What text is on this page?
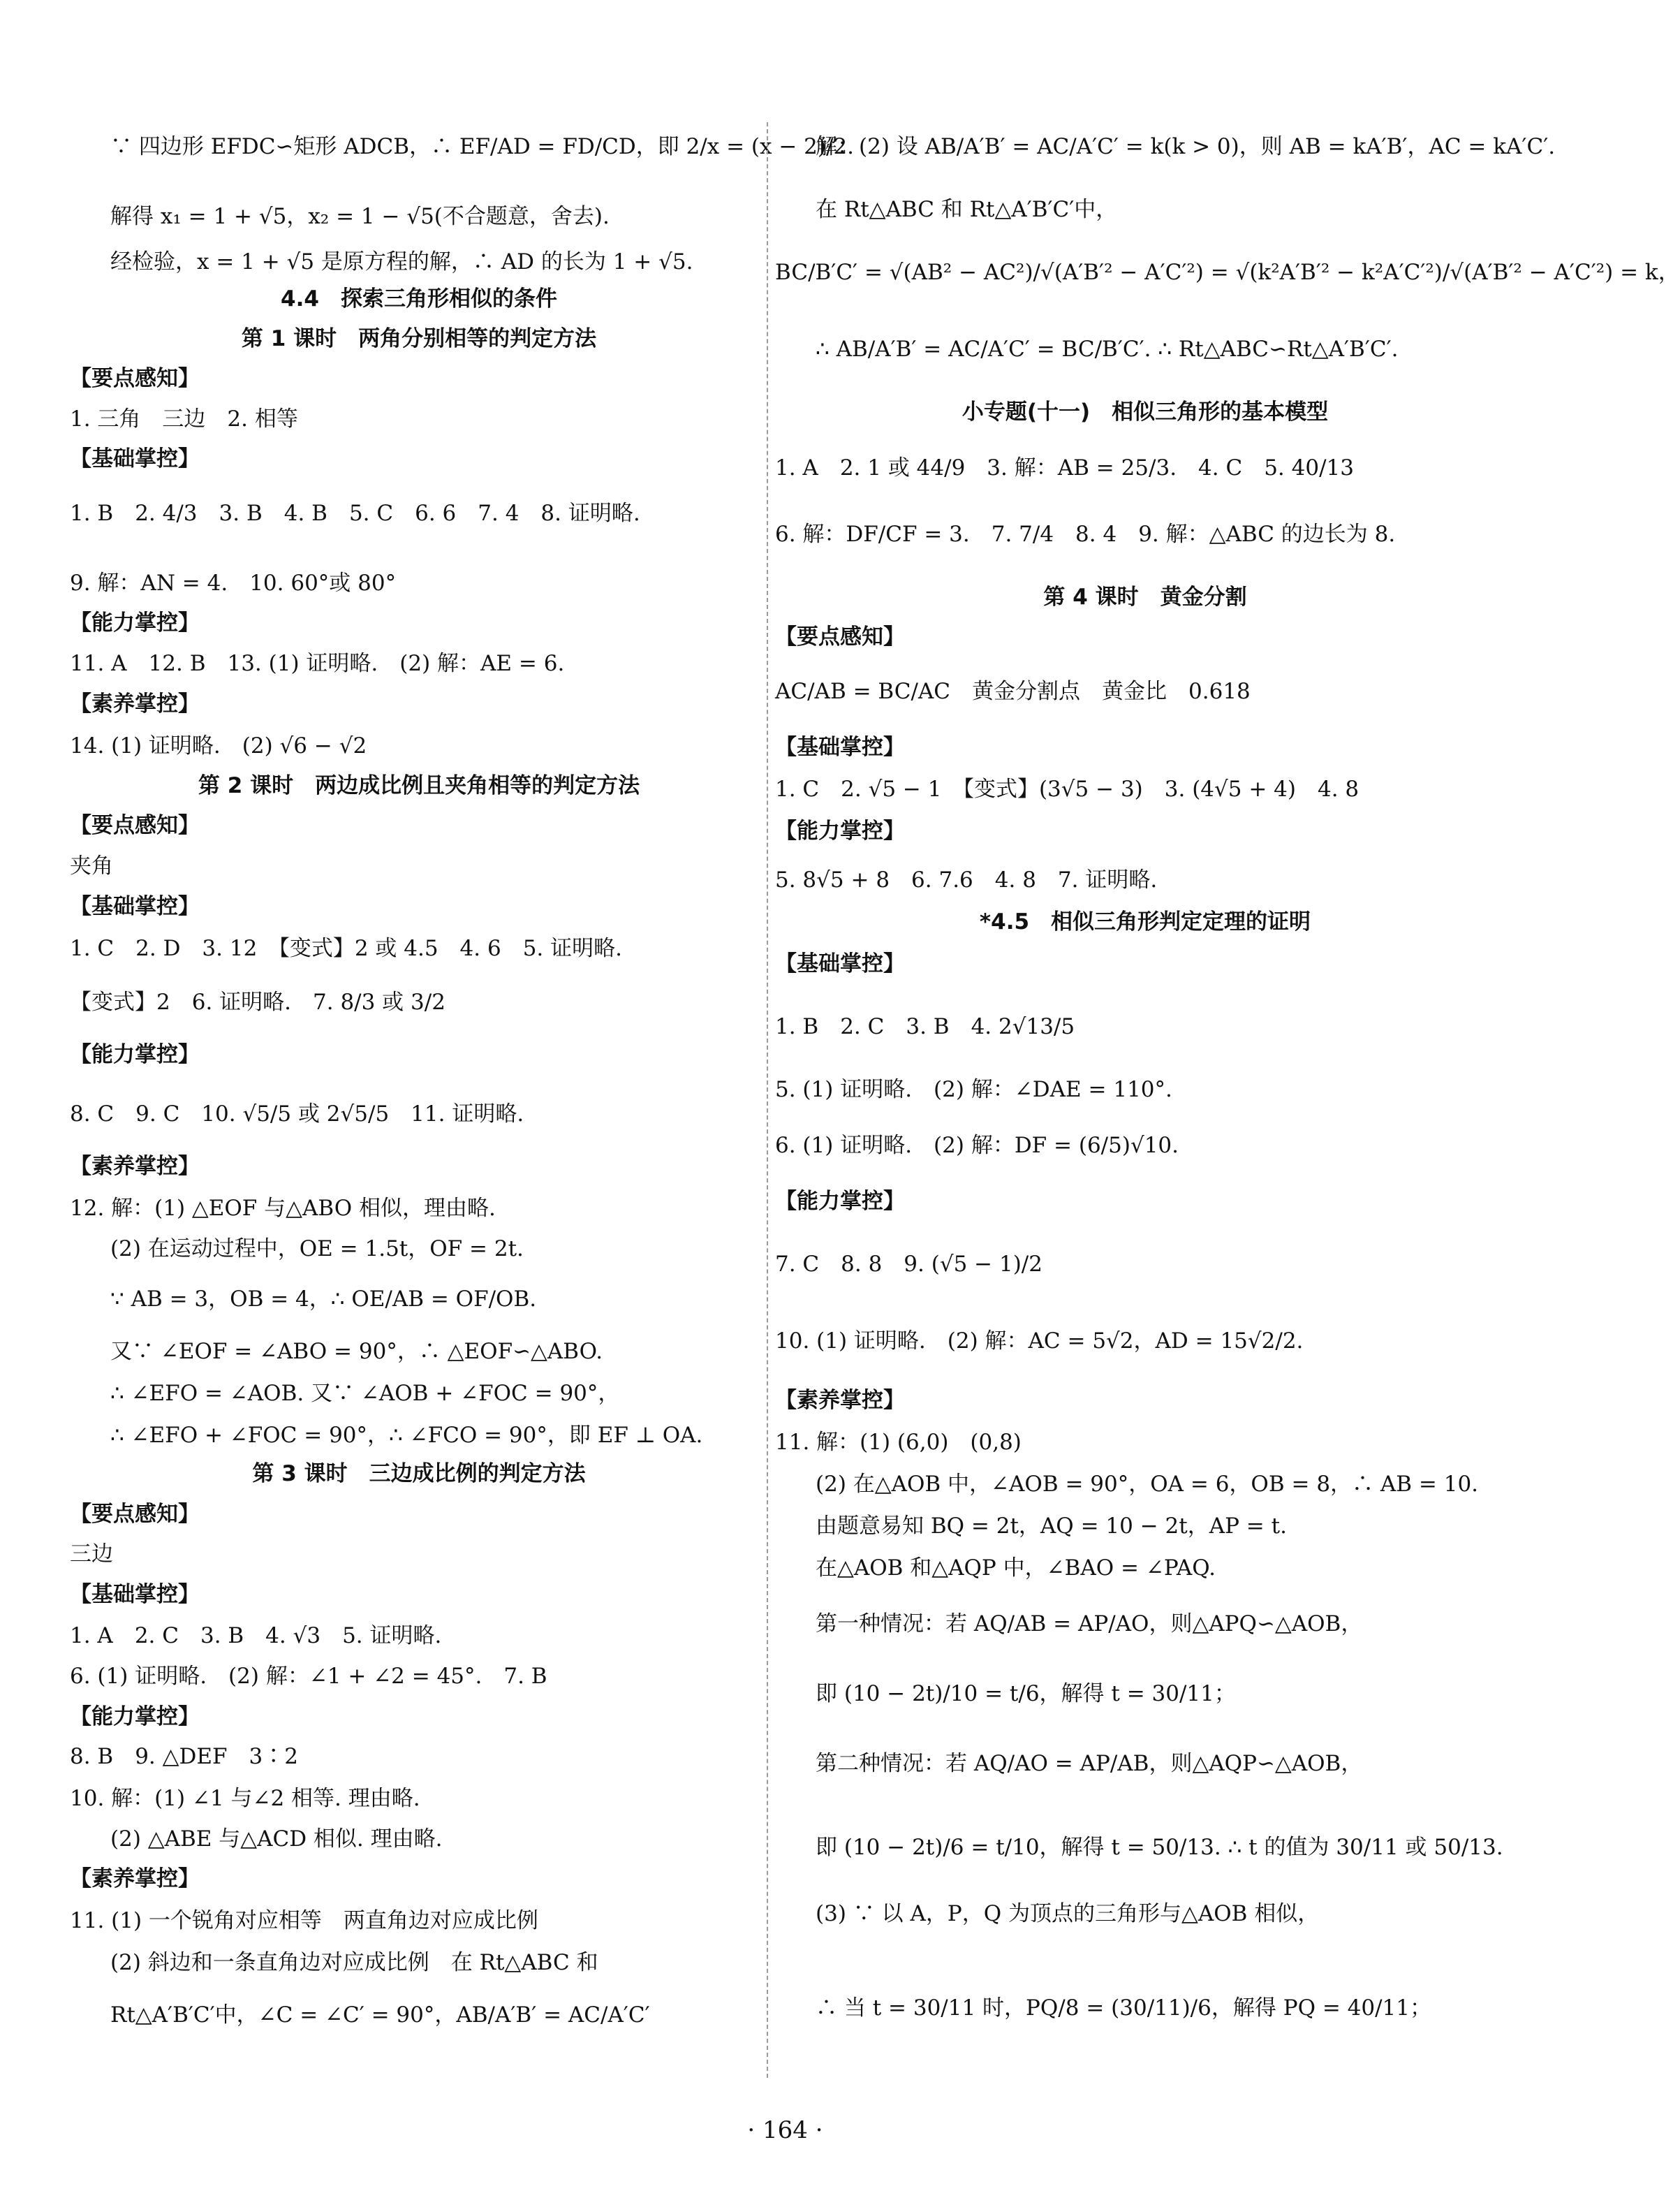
∵ 四边形 EFDC∽矩形 ADCB，∴ EF/AD = FD/CD，即 2/x = (x − 2)/2.
解得 x₁ = 1 + √5，x₂ = 1 − √5(不合题意，舍去).
经检验，x = 1 + √5 是原方程的解，∴ AD 的长为 1 + √5.
4.4　探索三角形相似的条件
第 1 课时　两角分别相等的判定方法
【要点感知】
1. 三角　三边　2. 相等
【基础掌控】
1. B　2. 4/3　3. B　4. B　5. C　6. 6　7. 4　8. 证明略.
9. 解：AN = 4.　10. 60°或 80°
【能力掌控】
11. A　12. B　13. (1) 证明略.　(2) 解：AE = 6.
【素养掌控】
14. (1) 证明略.　(2) √6 − √2
第 2 课时　两边成比例且夹角相等的判定方法
【要点感知】
夹角
【基础掌控】
1. C　2. D　3. 12　【变式】2 或 4.5　4. 6　5. 证明略.
【变式】2　6. 证明略.　7. 8/3 或 3/2
【能力掌控】
8. C　9. C　10. √5/5 或 2√5/5　11. 证明略.
【素养掌控】
12. 解：(1) △EOF 与△ABO 相似，理由略.
(2) 在运动过程中，OE = 1.5t，OF = 2t.
∵ AB = 3，OB = 4，∴ OE/AB = OF/OB.
又∵ ∠EOF = ∠ABO = 90°，∴ △EOF∽△ABO.
∴ ∠EFO = ∠AOB. 又∵ ∠AOB + ∠FOC = 90°，
∴ ∠EFO + ∠FOC = 90°，∴ ∠FCO = 90°，即 EF ⊥ OA.
第 3 课时　三边成比例的判定方法
【要点感知】
三边
【基础掌控】
1. A　2. C　3. B　4. √3　5. 证明略.
6. (1) 证明略.　(2) 解：∠1 + ∠2 = 45°.　7. B
【能力掌控】
8. B　9. △DEF　3∶2
10. 解：(1) ∠1 与∠2 相等. 理由略.
(2) △ABE 与△ACD 相似. 理由略.
【素养掌控】
11. (1) 一个锐角对应相等　两直角边对应成比例
(2) 斜边和一条直角边对应成比例　在 Rt△ABC 和
Rt△A′B′C′中，∠C = ∠C′ = 90°，AB/A′B′ = AC/A′C′
解：(2) 设 AB/A′B′ = AC/A′C′ = k(k > 0)，则 AB = kA′B′，AC = kA′C′.
在 Rt△ABC 和 Rt△A′B′C′中，
BC/B′C′ = √(AB² − AC²)/√(A′B′² − A′C′²) = √(k²A′B′² − k²A′C′²)/√(A′B′² − A′C′²) = k，
∴ AB/A′B′ = AC/A′C′ = BC/B′C′. ∴ Rt△ABC∽Rt△A′B′C′.
小专题(十一)　相似三角形的基本模型
1. A　2. 1 或 44/9　3. 解：AB = 25/3.　4. C　5. 40/13
6. 解：DF/CF = 3.　7. 7/4　8. 4　9. 解：△ABC 的边长为 8.
第 4 课时　黄金分割
【要点感知】
AC/AB = BC/AC　黄金分割点　黄金比　0.618
【基础掌控】
1. C　2. √5 − 1　【变式】(3√5 − 3)　3. (4√5 + 4)　4. 8
【能力掌控】
5. 8√5 + 8　6. 7.6　4. 8　7. 证明略.
*4.5　相似三角形判定定理的证明
【基础掌控】
1. B　2. C　3. B　4. 2√13/5
5. (1) 证明略.　(2) 解：∠DAE = 110°.
6. (1) 证明略.　(2) 解：DF = (6/5)√10.
【能力掌控】
7. C　8. 8　9. (√5 − 1)/2
10. (1) 证明略.　(2) 解：AC = 5√2，AD = 15√2/2.
【素养掌控】
11. 解：(1) (6,0)　(0,8)
(2) 在△AOB 中，∠AOB = 90°，OA = 6，OB = 8，∴ AB = 10.
由题意易知 BQ = 2t，AQ = 10 − 2t，AP = t.
在△AOB 和△AQP 中，∠BAO = ∠PAQ.
第一种情况：若 AQ/AB = AP/AO，则△APQ∽△AOB，
即 (10 − 2t)/10 = t/6，解得 t = 30/11；
第二种情况：若 AQ/AO = AP/AB，则△AQP∽△AOB，
即 (10 − 2t)/6 = t/10，解得 t = 50/13. ∴ t 的值为 30/11 或 50/13.
(3) ∵ 以 A，P，Q 为顶点的三角形与△AOB 相似，
∴ 当 t = 30/11 时，PQ/8 = (30/11)/6，解得 PQ = 40/11；
· 164 ·
